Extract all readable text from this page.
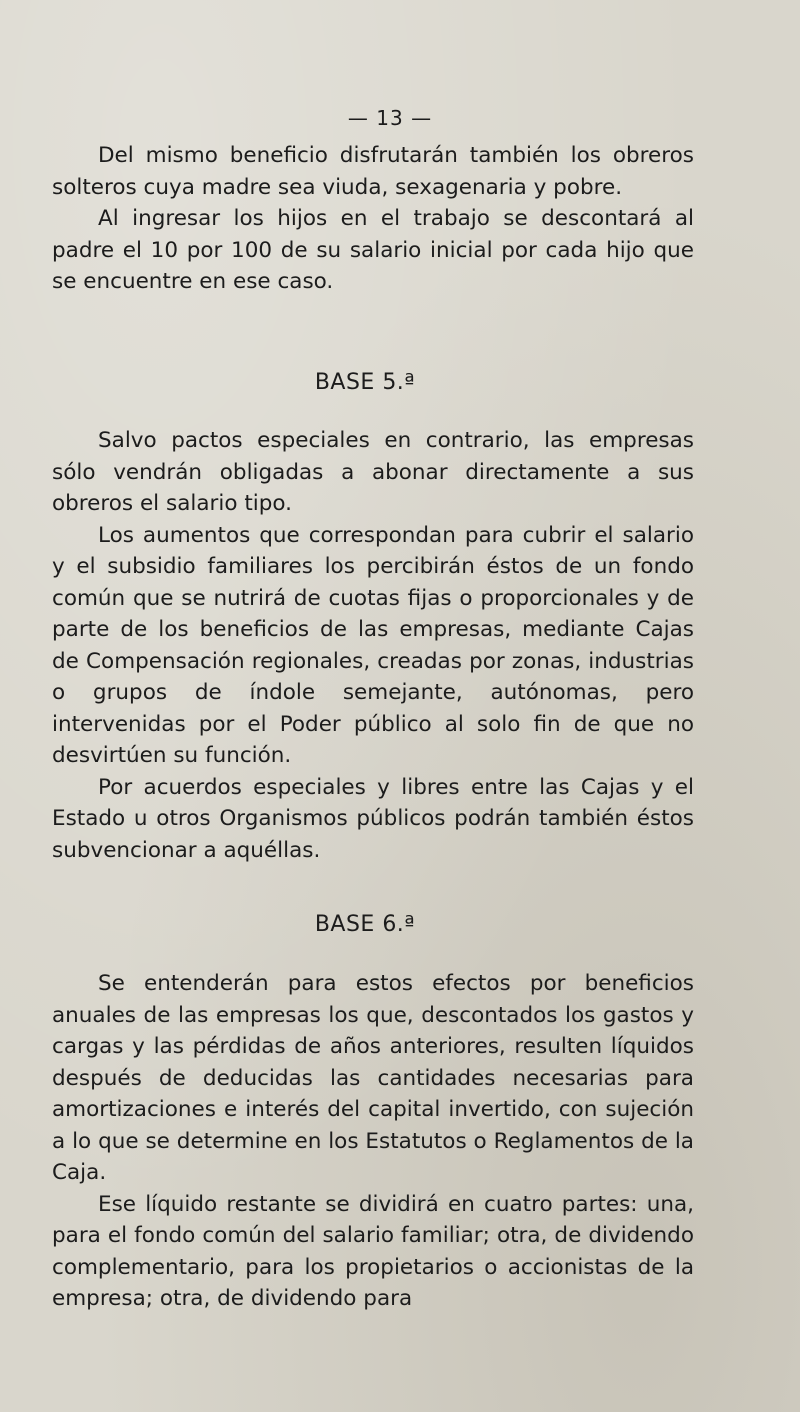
— 13 —

Del mismo beneficio disfrutarán también los obreros solteros cuya madre sea viuda, sexagenaria y pobre.

Al ingresar los hijos en el trabajo se descontará al padre el 10 por 100 de su salario inicial por cada hijo que se encuentre en ese caso.

BASE 5.ª

Salvo pactos especiales en contrario, las empresas sólo vendrán obligadas a abonar directamente a sus obreros el salario tipo.

Los aumentos que correspondan para cubrir el salario y el subsidio familiares los percibirán éstos de un fondo común que se nutrirá de cuotas fijas o proporcionales y de parte de los beneficios de las empresas, mediante Cajas de Compensación regionales, creadas por zonas, industrias o grupos de índole semejante, autónomas, pero intervenidas por el Poder público al solo fin de que no desvirtúen su función.

Por acuerdos especiales y libres entre las Cajas y el Estado u otros Organismos públicos podrán también éstos subvencionar a aquéllas.

BASE 6.ª

Se entenderán para estos efectos por beneficios anuales de las empresas los que, descontados los gastos y cargas y las pérdidas de años anteriores, resulten líquidos después de deducidas las cantidades necesarias para amortizaciones e interés del capital invertido, con sujeción a lo que se determine en los Estatutos o Reglamentos de la Caja.

Ese líquido restante se dividirá en cuatro partes: una, para el fondo común del salario familiar; otra, de dividendo complementario, para los propietarios o accionistas de la empresa; otra, de dividendo para
